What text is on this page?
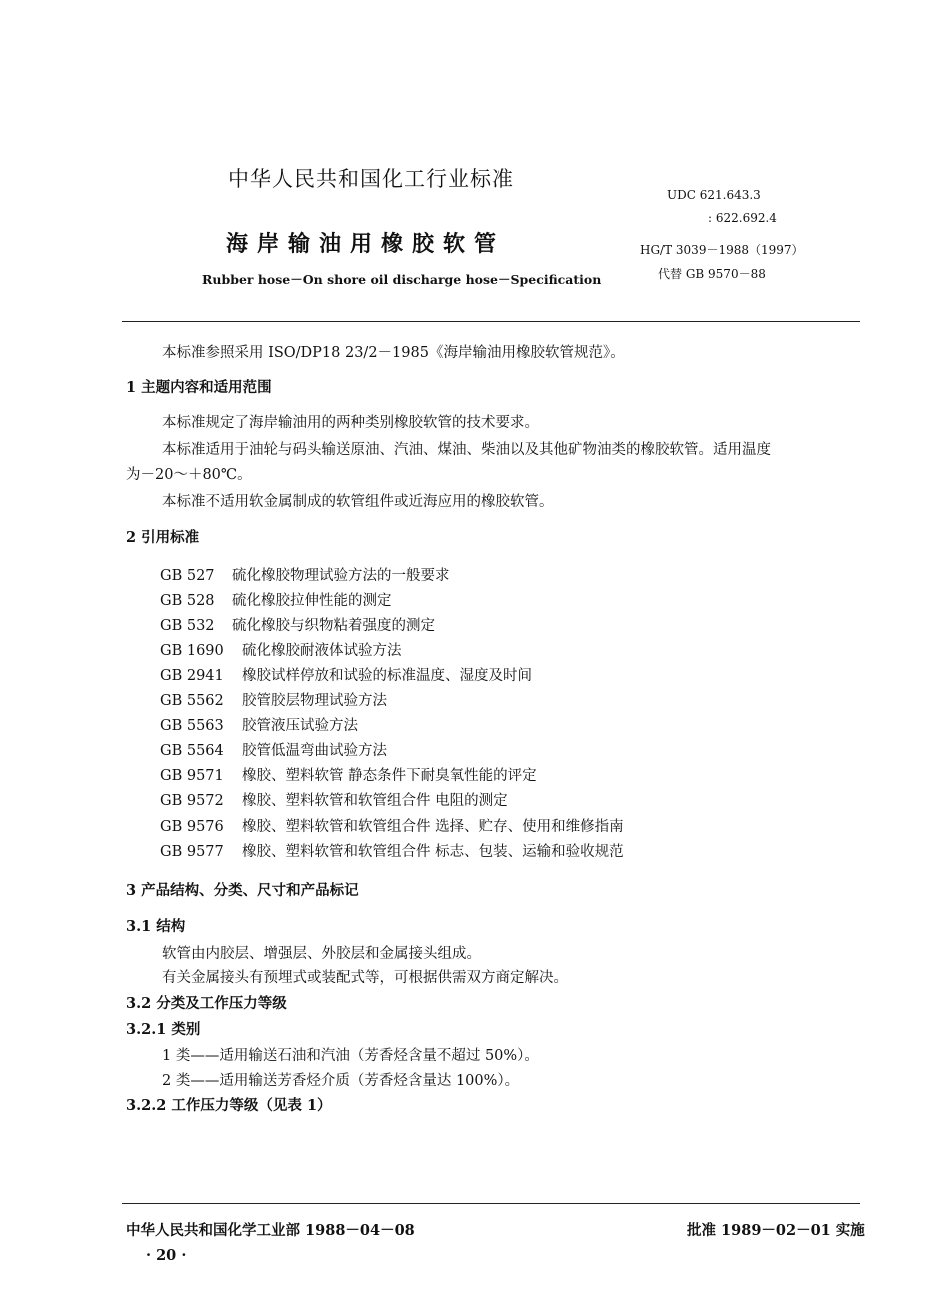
中华人民共和国化工行业标准
海岸输油用橡胶软管
Rubber hose－On shore oil discharge hose－Specification
UDC 621.643.3
: 622.692.4
HG/T 3039－1988（1997）
代替 GB 9570－88
本标准参照采用 ISO/DP18 23/2－1985《海岸输油用橡胶软管规范》。
1 主题内容和适用范围
本标准规定了海岸输油用的两种类别橡胶软管的技术要求。
本标准适用于油轮与码头输送原油、汽油、煤油、柴油以及其他矿物油类的橡胶软管。适用温度
为－20～＋80℃。
本标准不适用软金属制成的软管组件或近海应用的橡胶软管。
2 引用标准
GB 527 硫化橡胶物理试验方法的一般要求
GB 528 硫化橡胶拉伸性能的测定
GB 532 硫化橡胶与织物粘着强度的测定
GB 1690 硫化橡胶耐液体试验方法
GB 2941 橡胶试样停放和试验的标准温度、湿度及时间
GB 5562 胶管胶层物理试验方法
GB 5563 胶管液压试验方法
GB 5564 胶管低温弯曲试验方法
GB 9571 橡胶、塑料软管 静态条件下耐臭氧性能的评定
GB 9572 橡胶、塑料软管和软管组合件 电阻的测定
GB 9576 橡胶、塑料软管和软管组合件 选择、贮存、使用和维修指南
GB 9577 橡胶、塑料软管和软管组合件 标志、包装、运输和验收规范
3 产品结构、分类、尺寸和产品标记
3.1 结构
软管由内胶层、增强层、外胶层和金属接头组成。
有关金属接头有预埋式或装配式等，可根据供需双方商定解决。
3.2 分类及工作压力等级
3.2.1 类别
1 类——适用输送石油和汽油（芳香烃含量不超过 50%）。
2 类——适用输送芳香烃介质（芳香烃含量达 100%）。
3.2.2 工作压力等级（见表 1）
中华人民共和国化学工业部 1988－04－08	批准 1989－02－01 实施
· 20 ·
